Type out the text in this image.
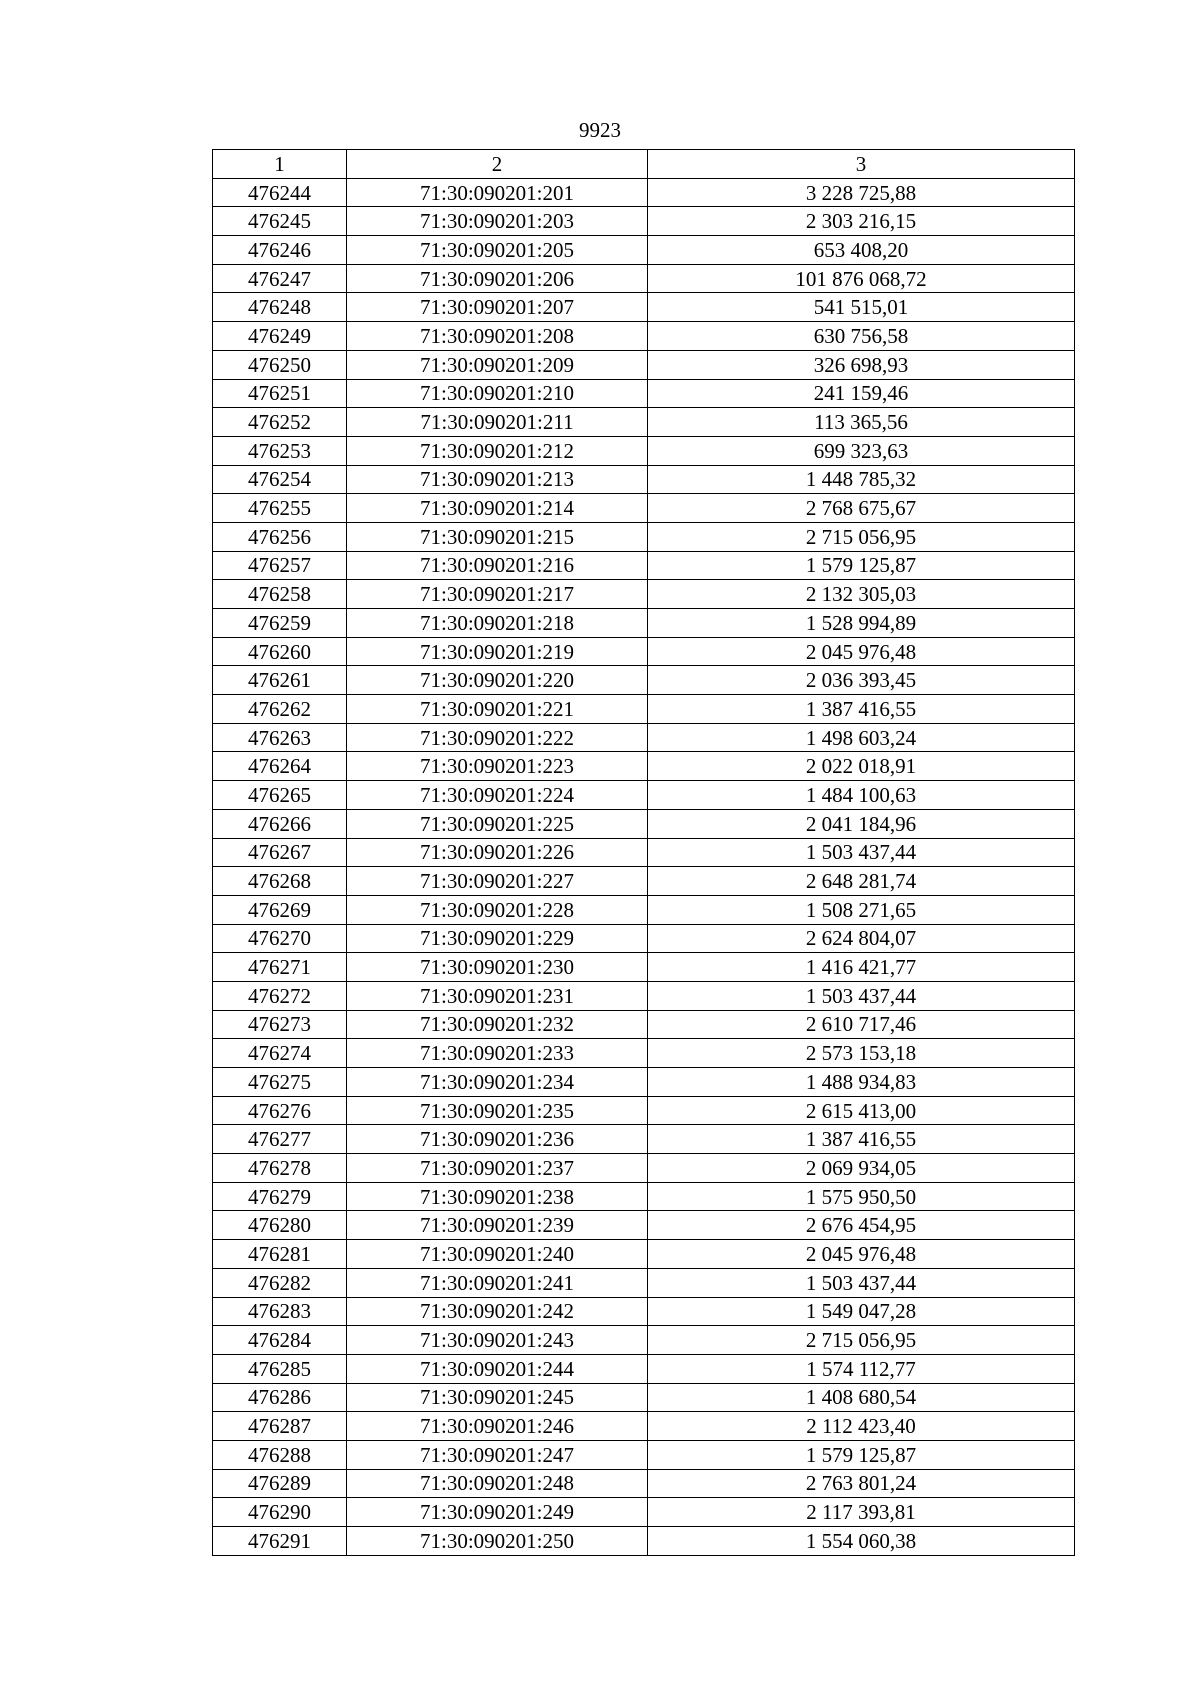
9923
1	2	3
476244	71:30:090201:201	3 228 725,88
476245	71:30:090201:203	2 303 216,15
476246	71:30:090201:205	653 408,20
476247	71:30:090201:206	101 876 068,72
476248	71:30:090201:207	541 515,01
476249	71:30:090201:208	630 756,58
476250	71:30:090201:209	326 698,93
476251	71:30:090201:210	241 159,46
476252	71:30:090201:211	113 365,56
476253	71:30:090201:212	699 323,63
476254	71:30:090201:213	1 448 785,32
476255	71:30:090201:214	2 768 675,67
476256	71:30:090201:215	2 715 056,95
476257	71:30:090201:216	1 579 125,87
476258	71:30:090201:217	2 132 305,03
476259	71:30:090201:218	1 528 994,89
476260	71:30:090201:219	2 045 976,48
476261	71:30:090201:220	2 036 393,45
476262	71:30:090201:221	1 387 416,55
476263	71:30:090201:222	1 498 603,24
476264	71:30:090201:223	2 022 018,91
476265	71:30:090201:224	1 484 100,63
476266	71:30:090201:225	2 041 184,96
476267	71:30:090201:226	1 503 437,44
476268	71:30:090201:227	2 648 281,74
476269	71:30:090201:228	1 508 271,65
476270	71:30:090201:229	2 624 804,07
476271	71:30:090201:230	1 416 421,77
476272	71:30:090201:231	1 503 437,44
476273	71:30:090201:232	2 610 717,46
476274	71:30:090201:233	2 573 153,18
476275	71:30:090201:234	1 488 934,83
476276	71:30:090201:235	2 615 413,00
476277	71:30:090201:236	1 387 416,55
476278	71:30:090201:237	2 069 934,05
476279	71:30:090201:238	1 575 950,50
476280	71:30:090201:239	2 676 454,95
476281	71:30:090201:240	2 045 976,48
476282	71:30:090201:241	1 503 437,44
476283	71:30:090201:242	1 549 047,28
476284	71:30:090201:243	2 715 056,95
476285	71:30:090201:244	1 574 112,77
476286	71:30:090201:245	1 408 680,54
476287	71:30:090201:246	2 112 423,40
476288	71:30:090201:247	1 579 125,87
476289	71:30:090201:248	2 763 801,24
476290	71:30:090201:249	2 117 393,81
476291	71:30:090201:250	1 554 060,38
